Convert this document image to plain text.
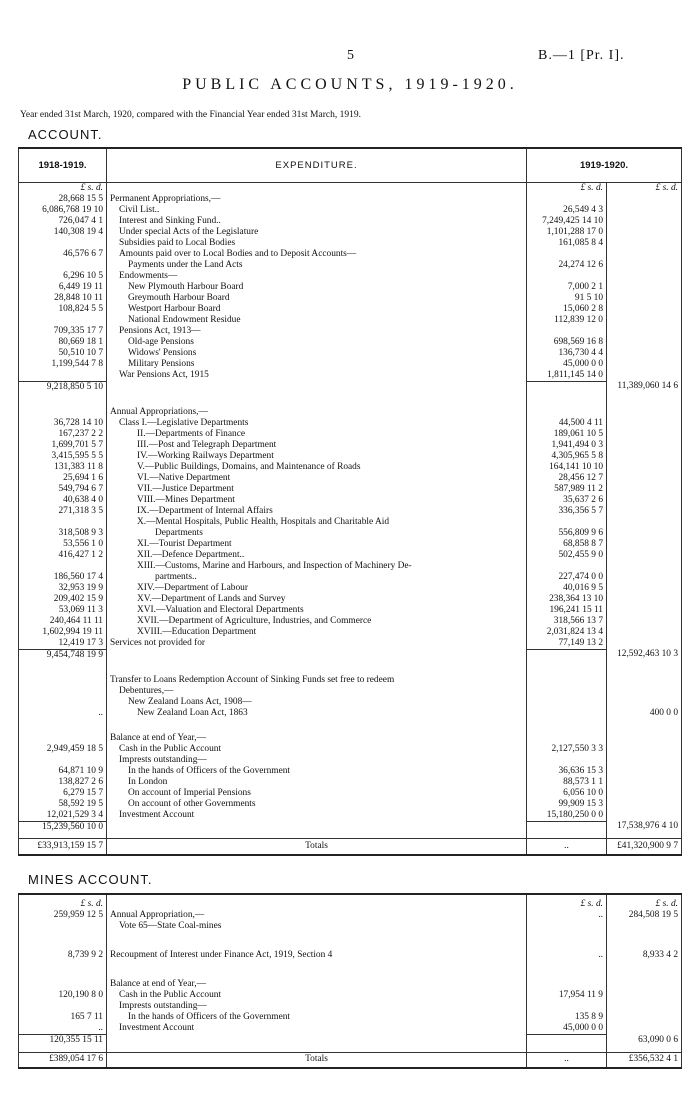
5	B.—1 [Pr. I].
PUBLIC ACCOUNTS, 1919-1920.
Year ended 31st March, 1920, compared with the Financial Year ended 31st March, 1919.
ACCOUNT.
1918-1919.	EXPENDITURE.	1919-1920.	
£ s. d.		£ s. d.	£ s. d.
28,668 15 5	Permanent Appropriations,—		
6,086,768 19 10	Civil List..	26,549 4 3	
726,047 4 1	Interest and Sinking Fund..	7,249,425 14 10	
140,308 19 4	Under special Acts of the Legislature	1,101,288 17 0	
	Subsidies paid to Local Bodies	161,085 8 4	
46,576 6 7	Amounts paid over to Local Bodies and to Deposit Accounts—		
	Payments under the Land Acts	24,274 12 6	
6,296 10 5	Endowments—		
6,449 19 11	New Plymouth Harbour Board	7,000 2 1	
28,848 10 11	Greymouth Harbour Board	91 5 10	
108,824 5 5	Westport Harbour Board	15,060 2 8	
	National Endowment Residue	112,839 12 0	
709,335 17 7	Pensions Act, 1913—		
80,669 18 1	Old-age Pensions	698,569 16 8	
50,510 10 7	Widows' Pensions	136,730 4 4	
1,199,544 7 8	Military Pensions	45,000 0 0	
	War Pensions Act, 1915	1,811,145 14 0	
9,218,850 5 10			11,389,060 14 6

	Annual Appropriations,—		
36,728 14 10	Class I.—Legislative Departments	44,500 4 11	
167,237 2 2	II.—Departments of Finance	189,061 10 5	
1,699,701 5 7	III.—Post and Telegraph Department	1,941,494 0 3	
3,415,595 5 5	IV.—Working Railways Department	4,305,965 5 8	
131,383 11 8	V.—Public Buildings, Domains, and Maintenance of Roads	164,141 10 10	
25,694 1 6	VI.—Native Department	28,456 12 7	
549,794 6 7	VII.—Justice Department	587,989 11 2	
40,638 4 0	VIII.—Mines Department	35,637 2 6	
271,318 3 5	IX.—Department of Internal Affairs	336,356 5 7	
	X.—Mental Hospitals, Public Health, Hospitals and Charitable Aid		
318,508 9 3	Departments	556,809 9 6	
53,556 1 0	XI.—Tourist Department	68,858 8 7	
416,427 1 2	XII.—Defence Department..	502,455 9 0	
	XIII.—Customs, Marine and Harbours, and Inspection of Machinery De-		
186,560 17 4	partments..	227,474 0 0	
32,953 19 9	XIV.—Department of Labour	40,016 9 5	
209,402 15 9	XV.—Department of Lands and Survey	238,364 13 10	
53,069 11 3	XVI.—Valuation and Electoral Departments	196,241 15 11	
240,464 11 11	XVII.—Department of Agriculture, Industries, and Commerce	318,566 13 7	
1,602,994 19 11	XVIII.—Education Department	2,031,824 13 4	
12,419 17 3	Services not provided for	77,149 13 2	
9,454,748 19 9			12,592,463 10 3

	Transfer to Loans Redemption Account of Sinking Funds set free to redeem		
	Debentures,—		
	New Zealand Loans Act, 1908—		
..	New Zealand Loan Act, 1863		400 0 0

	Balance at end of Year,—		
2,949,459 18 5	Cash in the Public Account	2,127,550 3 3	
	Imprests outstanding—		
64,871 10 9	In the hands of Officers of the Government	36,636 15 3	
138,827 2 6	In London	88,573 1 1	
6,279 15 7	On account of Imperial Pensions	6,056 10 0	
58,592 19 5	On account of other Governments	99,909 15 3	
12,021,529 3 4	Investment Account	15,180,250 0 0	
15,239,560 10 0			17,538,976 4 10

£33,913,159 15 7	Totals	..	£41,320,900 9 7
MINES ACCOUNT.
£ s. d.		£ s. d.	£ s. d.
259,959 12 5	Annual Appropriation,—	..	284,508 19 5
	Vote 65—State Coal-mines		

8,739 9 2	Recoupment of Interest under Finance Act, 1919, Section 4	..	8,933 4 2

	Balance at end of Year,—		
120,190 8 0	Cash in the Public Account	17,954 11 9	
	Imprests outstanding—		
165 7 11	In the hands of Officers of the Government	135 8 9	
..	Investment Account	45,000 0 0	
120,355 15 11			63,090 0 6

£389,054 17 6	Totals	..	£356,532 4 1
